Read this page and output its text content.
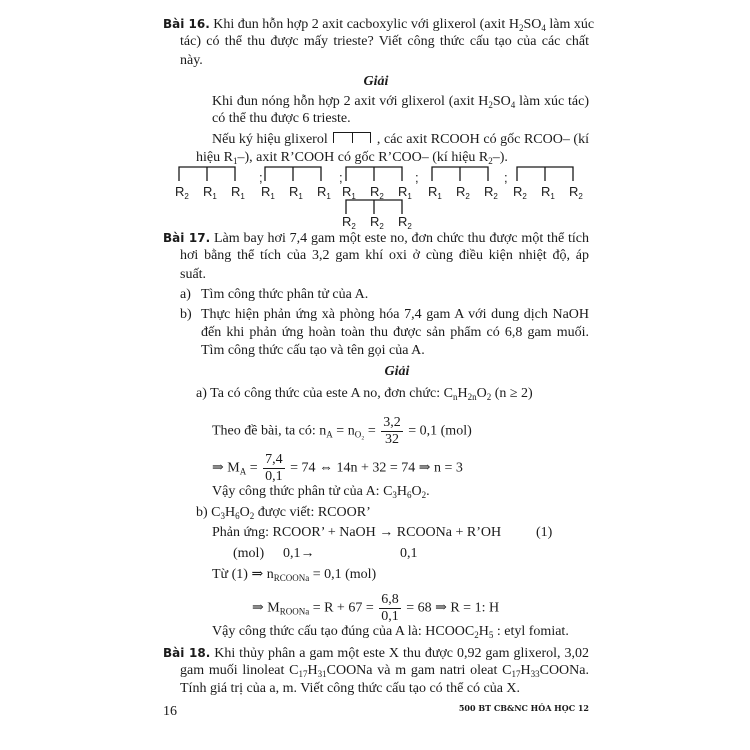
$R_2$ $R_1$ $R_1$ $R_1$ $R_1$ $R_1$ $R_1$ $R_2$ $R_1$ $R_1$ $R_2$ $R_2$ $R_2$ $R_1$ $R_2$
$R_2$ $R_2$ $R_2$
;	;	;	;
16	500 BT CB&NC HÓA HỌC 12
Bài 16. Khi đun hỗn hợp 2 axit cacboxylic với glixerol (axit $H_2SO_4$ làm xúc
tác) có thể thu được mấy trieste? Viết công thức cấu tạo của các chất
này.
Giải
Khi đun nóng hỗn hợp 2 axit với glixerol (axit $H_2SO_4$ làm xúc tác)
có thể thu được 6 trieste.
Nếu ký hiệu glixerol	, các axit RCOOH có gốc RCOO– (kí
hiệu $R_1-$), axit R’COOH có gốc R’COO– (kí hiệu $R_2-$).
Bài 17. Làm bay hơi 7,4 gam một este no, đơn chức thu được một thể tích
hơi bằng thể tích của 3,2 gam khí oxi ở cùng điều kiện nhiệt độ, áp
suất.
a) Tìm công thức phân tử của A.
b) Thực hiện phản ứng xà phòng hóa 7,4 gam A với dung dịch NaOH
đến khi phản ứng hoàn toàn thu được sản phẩm có 6,8 gam muối.
Tìm công thức cấu tạo và tên gọi của A.
Giải
a) Ta có công thức của este A no, đơn chức: $C_nH_{2n}O_2$ (n ≥ 2)
Theo đề bài, ta có: $n_A = n_{O_2} = \frac{3,2}{32} = 0,1$ (mol)
⇒ $M_A = \frac{7,4}{0,1} = 74$ ⇔ 14n + 32 = 74 ⇒ n = 3
Vậy công thức phân tử của A: $C_3H_6O_2$.
b) $C_3H_6O_2$ được viết: RCOOR’
Phản ứng: RCOOR’ + NaOH → RCOONa + R’OH (1)
(mol) 0,1→	0,1
Từ (1) ⇒ $n_{RCOONa} = 0,1$ (mol)
⇒ $M_{ROONa} = R + 67 = \frac{6,8}{0,1} = 68$ ⇒ R = 1: H
Vậy công thức cấu tạo đúng của A là: $HCOOC_2H_5$ : etyl fomiat.
Bài 18. Khi thủy phân a gam một este X thu được 0,92 gam glixerol, 3,02
gam muối linoleat $C_{17}H_{31}COONa$ và m gam natri oleat $C_{17}H_{33}COONa$.
Tính giá trị của a, m. Viết công thức cấu tạo có thể có của X.
